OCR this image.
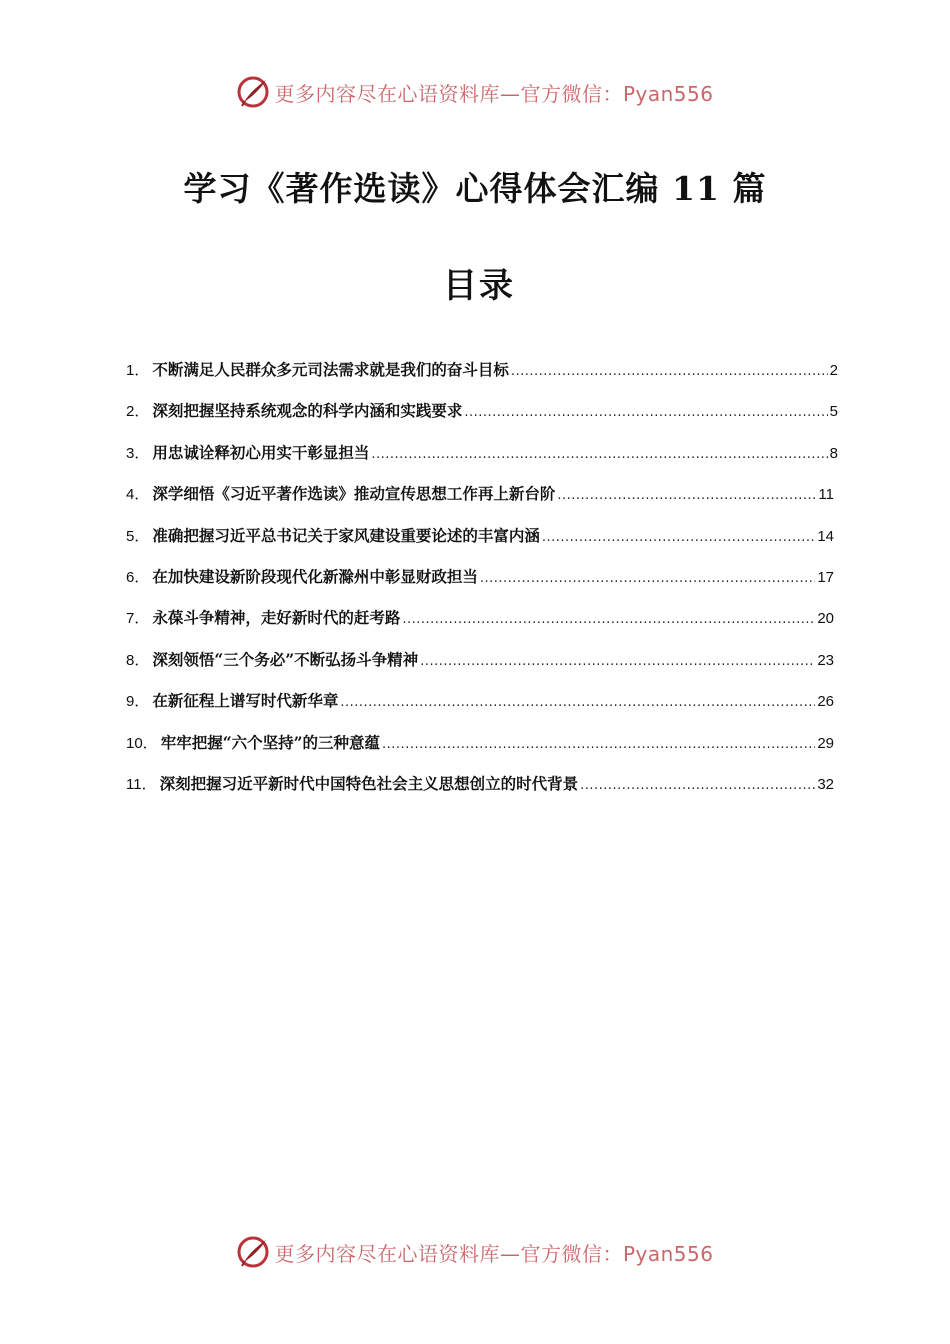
更多内容尽在心语资料库—官方微信：Pyan556
学习《著作选读》心得体会汇编 11 篇
目录
1． 不断满足人民群众多元司法需求就是我们的奋斗目标 .....	2
2． 深刻把握坚持系统观念的科学内涵和实践要求 .....	5
3． 用忠诚诠释初心用实干彰显担当 .....	8
4． 深学细悟《习近平著作选读》推动宣传思想工作再上新台阶 .....	11
5． 准确把握习近平总书记关于家风建设重要论述的丰富内涵 .....	14
6． 在加快建设新阶段现代化新滁州中彰显财政担当 .....	17
7． 永葆斗争精神，走好新时代的赶考路 .....	20
8． 深刻领悟“三个务必”不断弘扬斗争精神 .....	23
9． 在新征程上谱写时代新华章 .....	26
10． 牢牢把握“六个坚持”的三种意蕴 .....	29
11． 深刻把握习近平新时代中国特色社会主义思想创立的时代背景 .....	32
更多内容尽在心语资料库—官方微信：Pyan556
